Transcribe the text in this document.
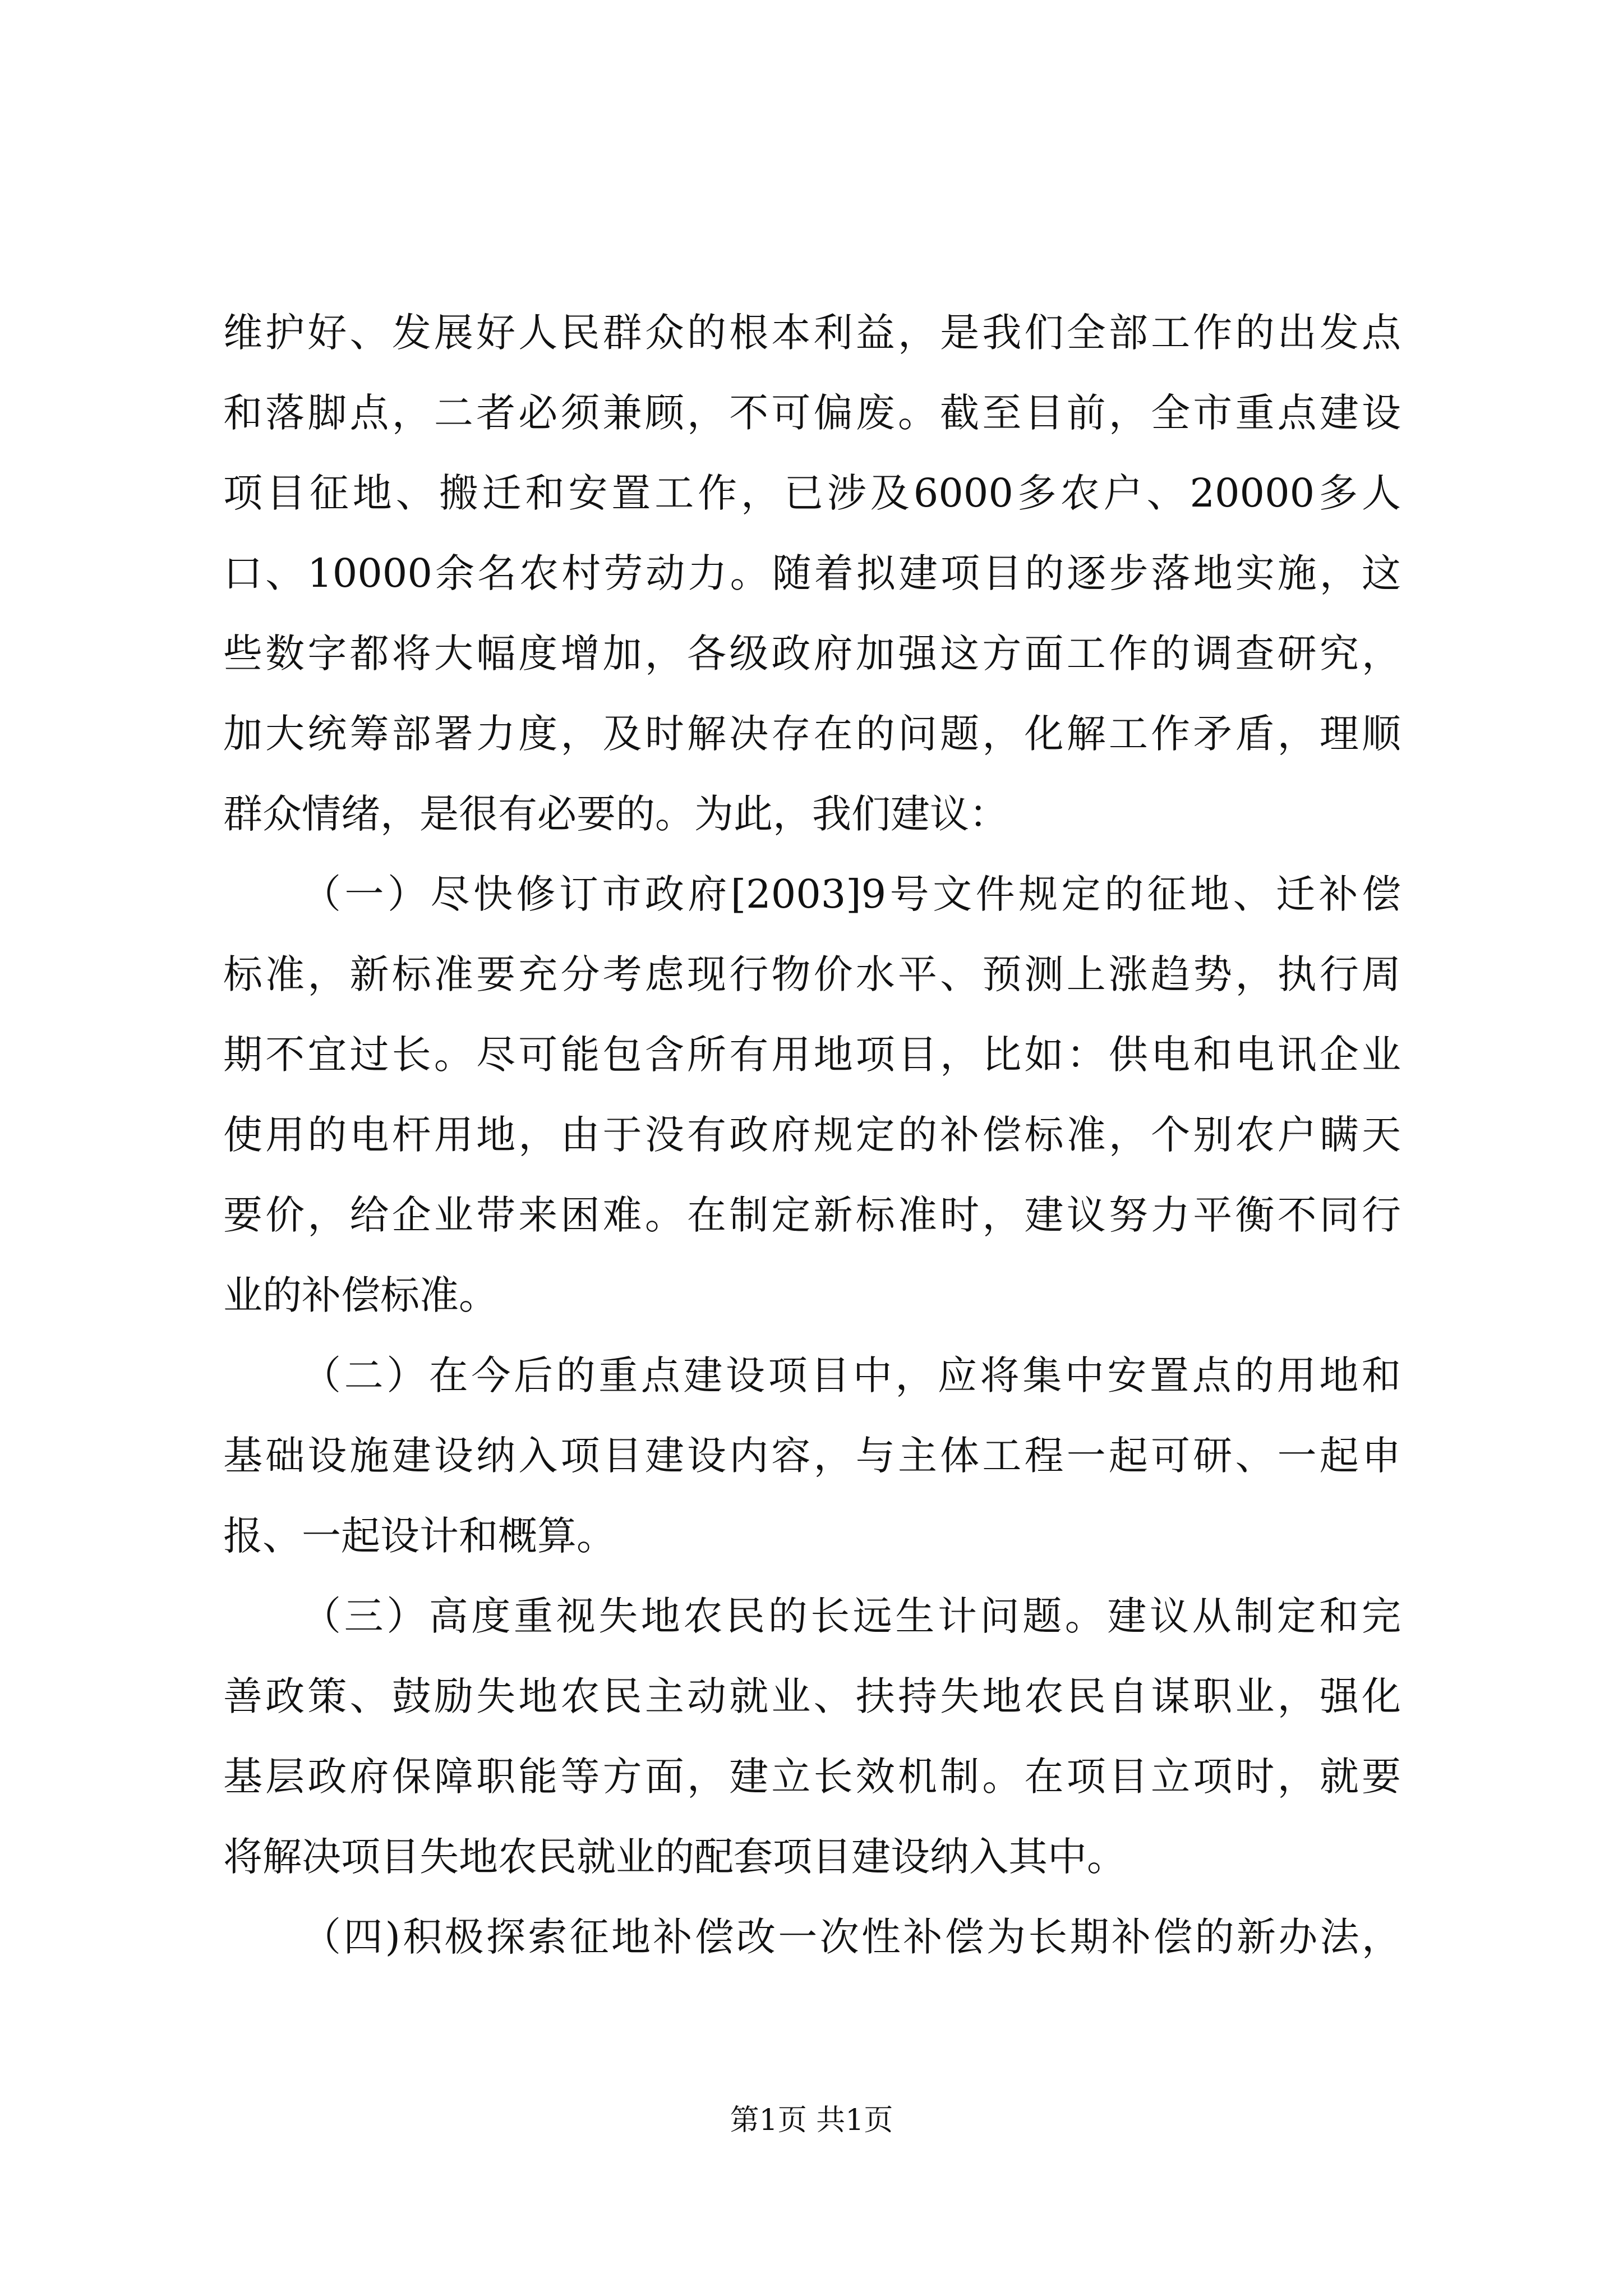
维护好、发展好人民群众的根本利益，是我们全部工作的出发点
和落脚点，二者必须兼顾，不可偏废。截至目前，全市重点建设
项目征地、搬迁和安置工作，已涉及6000多农户、20000多人
口、10000余名农村劳动力。随着拟建项目的逐步落地实施，这
些数字都将大幅度增加，各级政府加强这方面工作的调查研究，
加大统筹部署力度，及时解决存在的问题，化解工作矛盾，理顺
群众情绪，是很有必要的。为此，我们建议：
（一）尽快修订市政府[2003]9号文件规定的征地、迁补偿
标准，新标准要充分考虑现行物价水平、预测上涨趋势，执行周
期不宜过长。尽可能包含所有用地项目，比如：供电和电讯企业
使用的电杆用地，由于没有政府规定的补偿标准，个别农户瞒天
要价，给企业带来困难。在制定新标准时，建议努力平衡不同行
业的补偿标准。
（二）在今后的重点建设项目中，应将集中安置点的用地和
基础设施建设纳入项目建设内容，与主体工程一起可研、一起申
报、一起设计和概算。
（三）高度重视失地农民的长远生计问题。建议从制定和完
善政策、鼓励失地农民主动就业、扶持失地农民自谋职业，强化
基层政府保障职能等方面，建立长效机制。在项目立项时，就要
将解决项目失地农民就业的配套项目建设纳入其中。
（四)积极探索征地补偿改一次性补偿为长期补偿的新办法，
第1页 共1页
